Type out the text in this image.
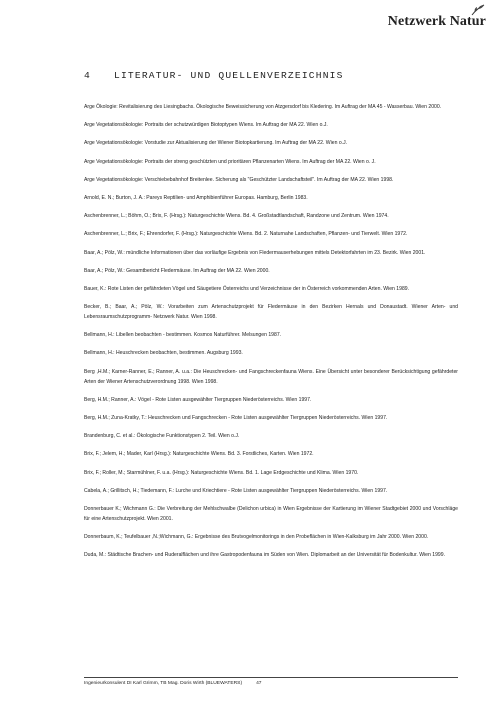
Netzwerk Natur
4 LITERATUR- UND QUELLENVERZEICHNIS

Arge Ökologie: Revitalisierung des Liesingbachs. Ökologische Beweissicherung von Atzgersdorf bis Kledering. Im Auftrag der MA 45 - Wasserbau. Wien 2000.

Arge Vegetationsökologie: Portraits der schutzwürdigen Biotoptypen Wiens. Im Auftrag der MA 22. Wien o.J.

Arge Vegetationsökologie: Vorstudie zur Aktualisierung der Wiener Biotopkartierung. Im Auftrag der MA 22. Wien o.J.

Arge Vegetationsökologie: Portraits der streng geschützten und prioritären Pflanzenarten Wiens. Im Auftrag der MA 22. Wien o. J.

Arge Vegetationsökologie: Verschiebebahnhof Breitenlee. Sicherung als "Geschützter Landschaftsteil". Im Auftrag der MA 22. Wien 1998.

Arnold, E. N.; Burton, J. A.: Pareys Reptilien- und Amphibienführer Europas. Hamburg, Berlin 1983.

Aschenbrenner, L.; Böhm, O.; Brix, F. (Hrsg.): Naturgeschichte Wiens. Bd. 4. Großstadtlandschaft, Randzone und Zentrum. Wien 1974.

Aschenbrenner, L.; Brix, F.; Ehrendorfer, F. (Hrsg.): Naturgeschichte Wiens. Bd. 2. Naturnahe Landschaften, Pflanzen- und Tierwelt. Wien 1972.

Baar, A.; Pölz, W.: mündliche Informationen über das vorläufige Ergebnis von Fledermauserhebungen mittels Detektorfahrten im 23. Bezirk. Wien 2001.

Baar, A.; Pölz, W.: Gesamtbericht Fledermäuse. Im Auftrag der MA 22. Wien 2000.

Bauer, K.: Rote Listen der gefährdeten Vögel und Säugetiere Österreichs und Verzeichnisse der in Österreich vorkommenden Arten. Wien 1989.

Becker, B.; Baar, A.; Pölz, W.: Vorarbeiten zum Artenschutzprojekt für Fledermäuse in den Bezirken Hernals und Donaustadt. Wiener Arten- und Lebensraumschutzprogramm- Netzwerk Natur. Wien 1998.

Bellmann, H.: Libellen beobachten - bestimmen. Kosmos Naturführer. Melsungen 1987.

Bellmann, H.: Heuschrecken beobachten, bestimmen. Augsburg 1993.

Berg ,H.M.; Karner-Ranner, E.; Ranner, A. u.a.: Die Heuschrecken- und Fangschreckenfauna Wiens. Eine Übersicht unter besonderer Berücksichtigung gefährdeter Arten der Wiener Artenschutzverordnung 1998. Wien 1998.

Berg, H.M.; Ranner, A.: Vögel - Rote Listen ausgewählter Tiergruppen Niederösterreichs. Wien 1997.

Berg, H.M.; Zuna-Kratky, T.: Heuschrecken und Fangschrecken - Rote Listen ausgewählter Tiergruppen Niederösterreichs. Wien 1997.

Brandenburg, C. et al.: Ökologische Funktionstypen 2. Teil. Wien o.J.

Brix, F.; Jelem, H.; Mader, Karl (Hrsg.): Naturgeschichte Wiens. Bd. 3. Forstliches, Karten. Wien 1972.

Brix, F.; Roller, M.; Starmühlner, F. u.a. (Hrsg.): Naturgeschichte Wiens. Bd. 1. Lage Erdgeschichte und Klima. Wien 1970.

Cabela, A.; Grillitsch, H.; Tiedemann, F.: Lurche und Kriechtiere - Rote Listen ausgewählter Tiergruppen Niederösterreichs. Wien 1997.

Donnerbauer K.; Wichmann G.: Die Verbreitung der Mehlschwalbe (Delichon urbica) in Wien Ergebnisse der Kartierung im Wiener Stadtgebiet 2000 und Vorschläge für eine Artenschutzprojekt. Wien 2001.

Donnerbaum, K.; Teufelbauer ,N.;Wichmann, G.: Ergebnisse des Brutvogelmonitorings in den Probeflächen in Wien-Kalksburg im Jahr 2000. Wien 2000.

Duda, M.: Städtische Brachen- und Ruderalflächen und ihre Gastropodenfauna im Süden von Wien. Diplomarbeit an der Universität für Bodenkultur. Wien 1999.

Ingenieurkonsulent DI Karl Grimm, TB Mag. Doris Wirth (BLUEWATERS)	47
